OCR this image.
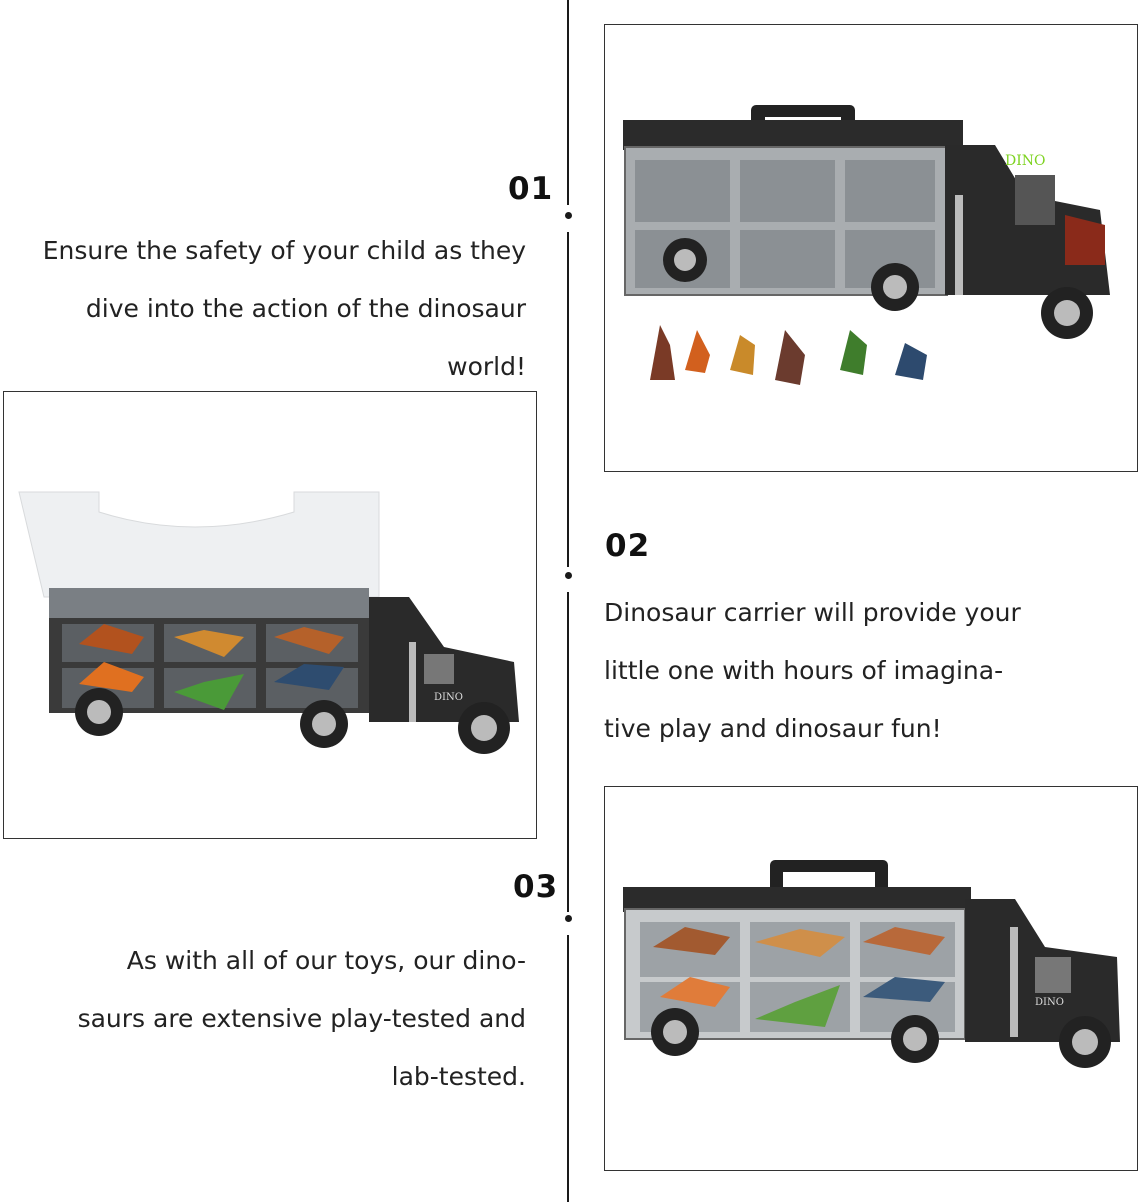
01
Ensure the safety of your child as they
dive into the action of the dinosaur
world!
02
Dinosaur carrier will provide your
little one with hours of imagina-
tive play and dinosaur fun!
03
As with all of our toys, our dino-
saurs are extensive play-tested and
lab-tested.
DINO
DINO
DINO
